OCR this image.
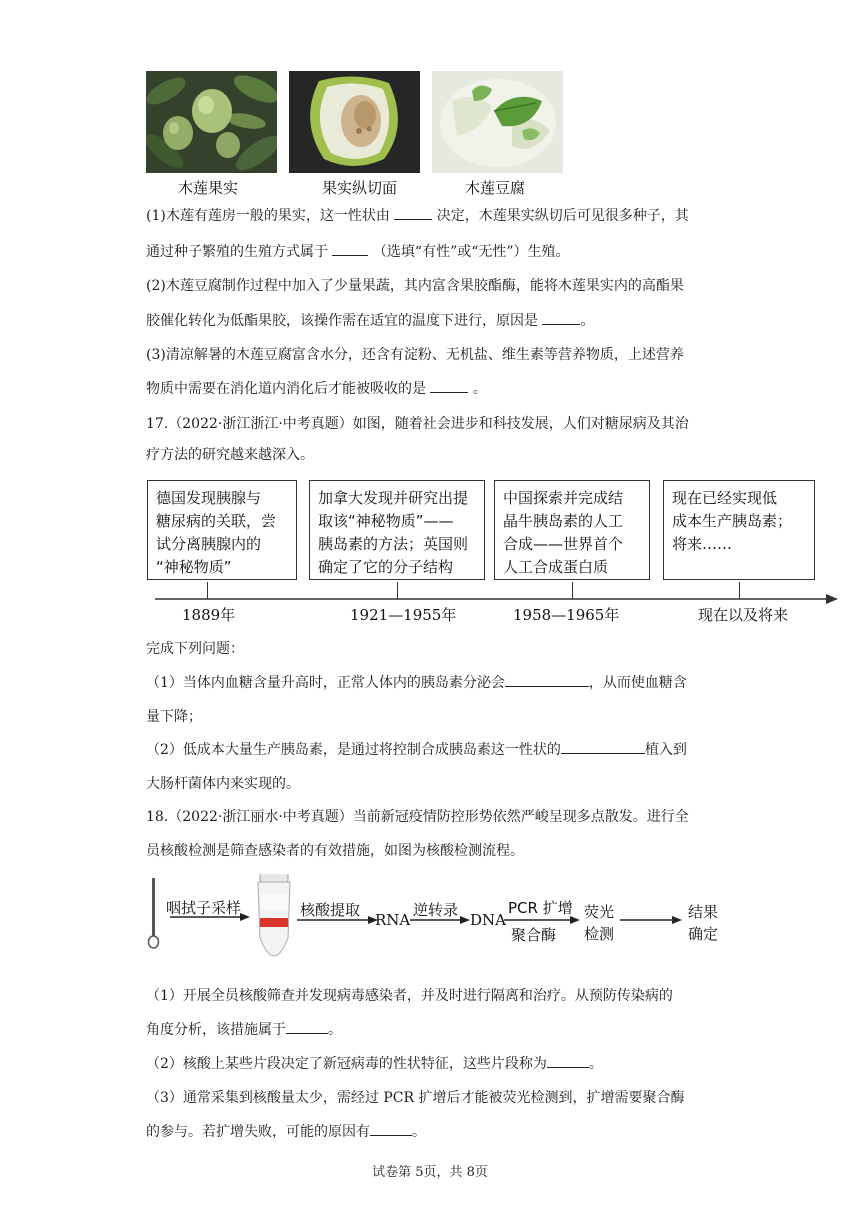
木莲果实	果实纵切面	木莲豆腐
(1)木莲有莲房一般的果实，这一性状由	决定，木莲果实纵切后可见很多种子，其
通过种子繁殖的生殖方式属于	（选填“有性”或“无性”）生殖。
(2)木莲豆腐制作过程中加入了少量果蔬，其内富含果胶酯酶，能将木莲果实内的高酯果
胶催化转化为低酯果胶，该操作需在适宜的温度下进行，原因是	。
(3)清凉解暑的木莲豆腐富含水分，还含有淀粉、无机盐、维生素等营养物质，上述营养
物质中需要在消化道内消化后才能被吸收的是	。
17.（2022·浙江浙江·中考真题）如图，随着社会进步和科技发展，人们对糖尿病及其治
疗方法的研究越来越深入。
德国发现胰腺与
糖尿病的关联，尝
试分离胰腺内的
“神秘物质”
加拿大发现并研究出提
取该“神秘物质”——
胰岛素的方法；英国则
确定了它的分子结构
中国探索并完成结
晶牛胰岛素的人工
合成——世界首个
人工合成蛋白质
现在已经实现低
成本生产胰岛素；
将来……
1889年	1921—1955年	1958—1965年	现在以及将来
完成下列问题：
（1）当体内血糖含量升高时，正常人体内的胰岛素分泌会	，从而使血糖含
量下降；
（2）低成本大量生产胰岛素，是通过将控制合成胰岛素这一性状的	植入到
大肠杆菌体内来实现的。
18.（2022·浙江丽水·中考真题）当前新冠疫情防控形势依然严峻呈现多点散发。进行全
员核酸检测是筛查感染者的有效措施，如图为核酸检测流程。
咽拭子采样	核酸提取
RNA
逆转录
DNA
PCR 扩增
聚合酶
荧光
检测
结果
确定
（1）开展全员核酸筛查并发现病毒感染者，并及时进行隔离和治疗。从预防传染病的
角度分析，该措施属于	。
（2）核酸上某些片段决定了新冠病毒的性状特征，这些片段称为	。
（3）通常采集到核酸量太少，需经过 PCR 扩增后才能被荧光检测到，扩增需要聚合酶
的参与。若扩增失败，可能的原因有	。
试卷第 5页，共 8页
